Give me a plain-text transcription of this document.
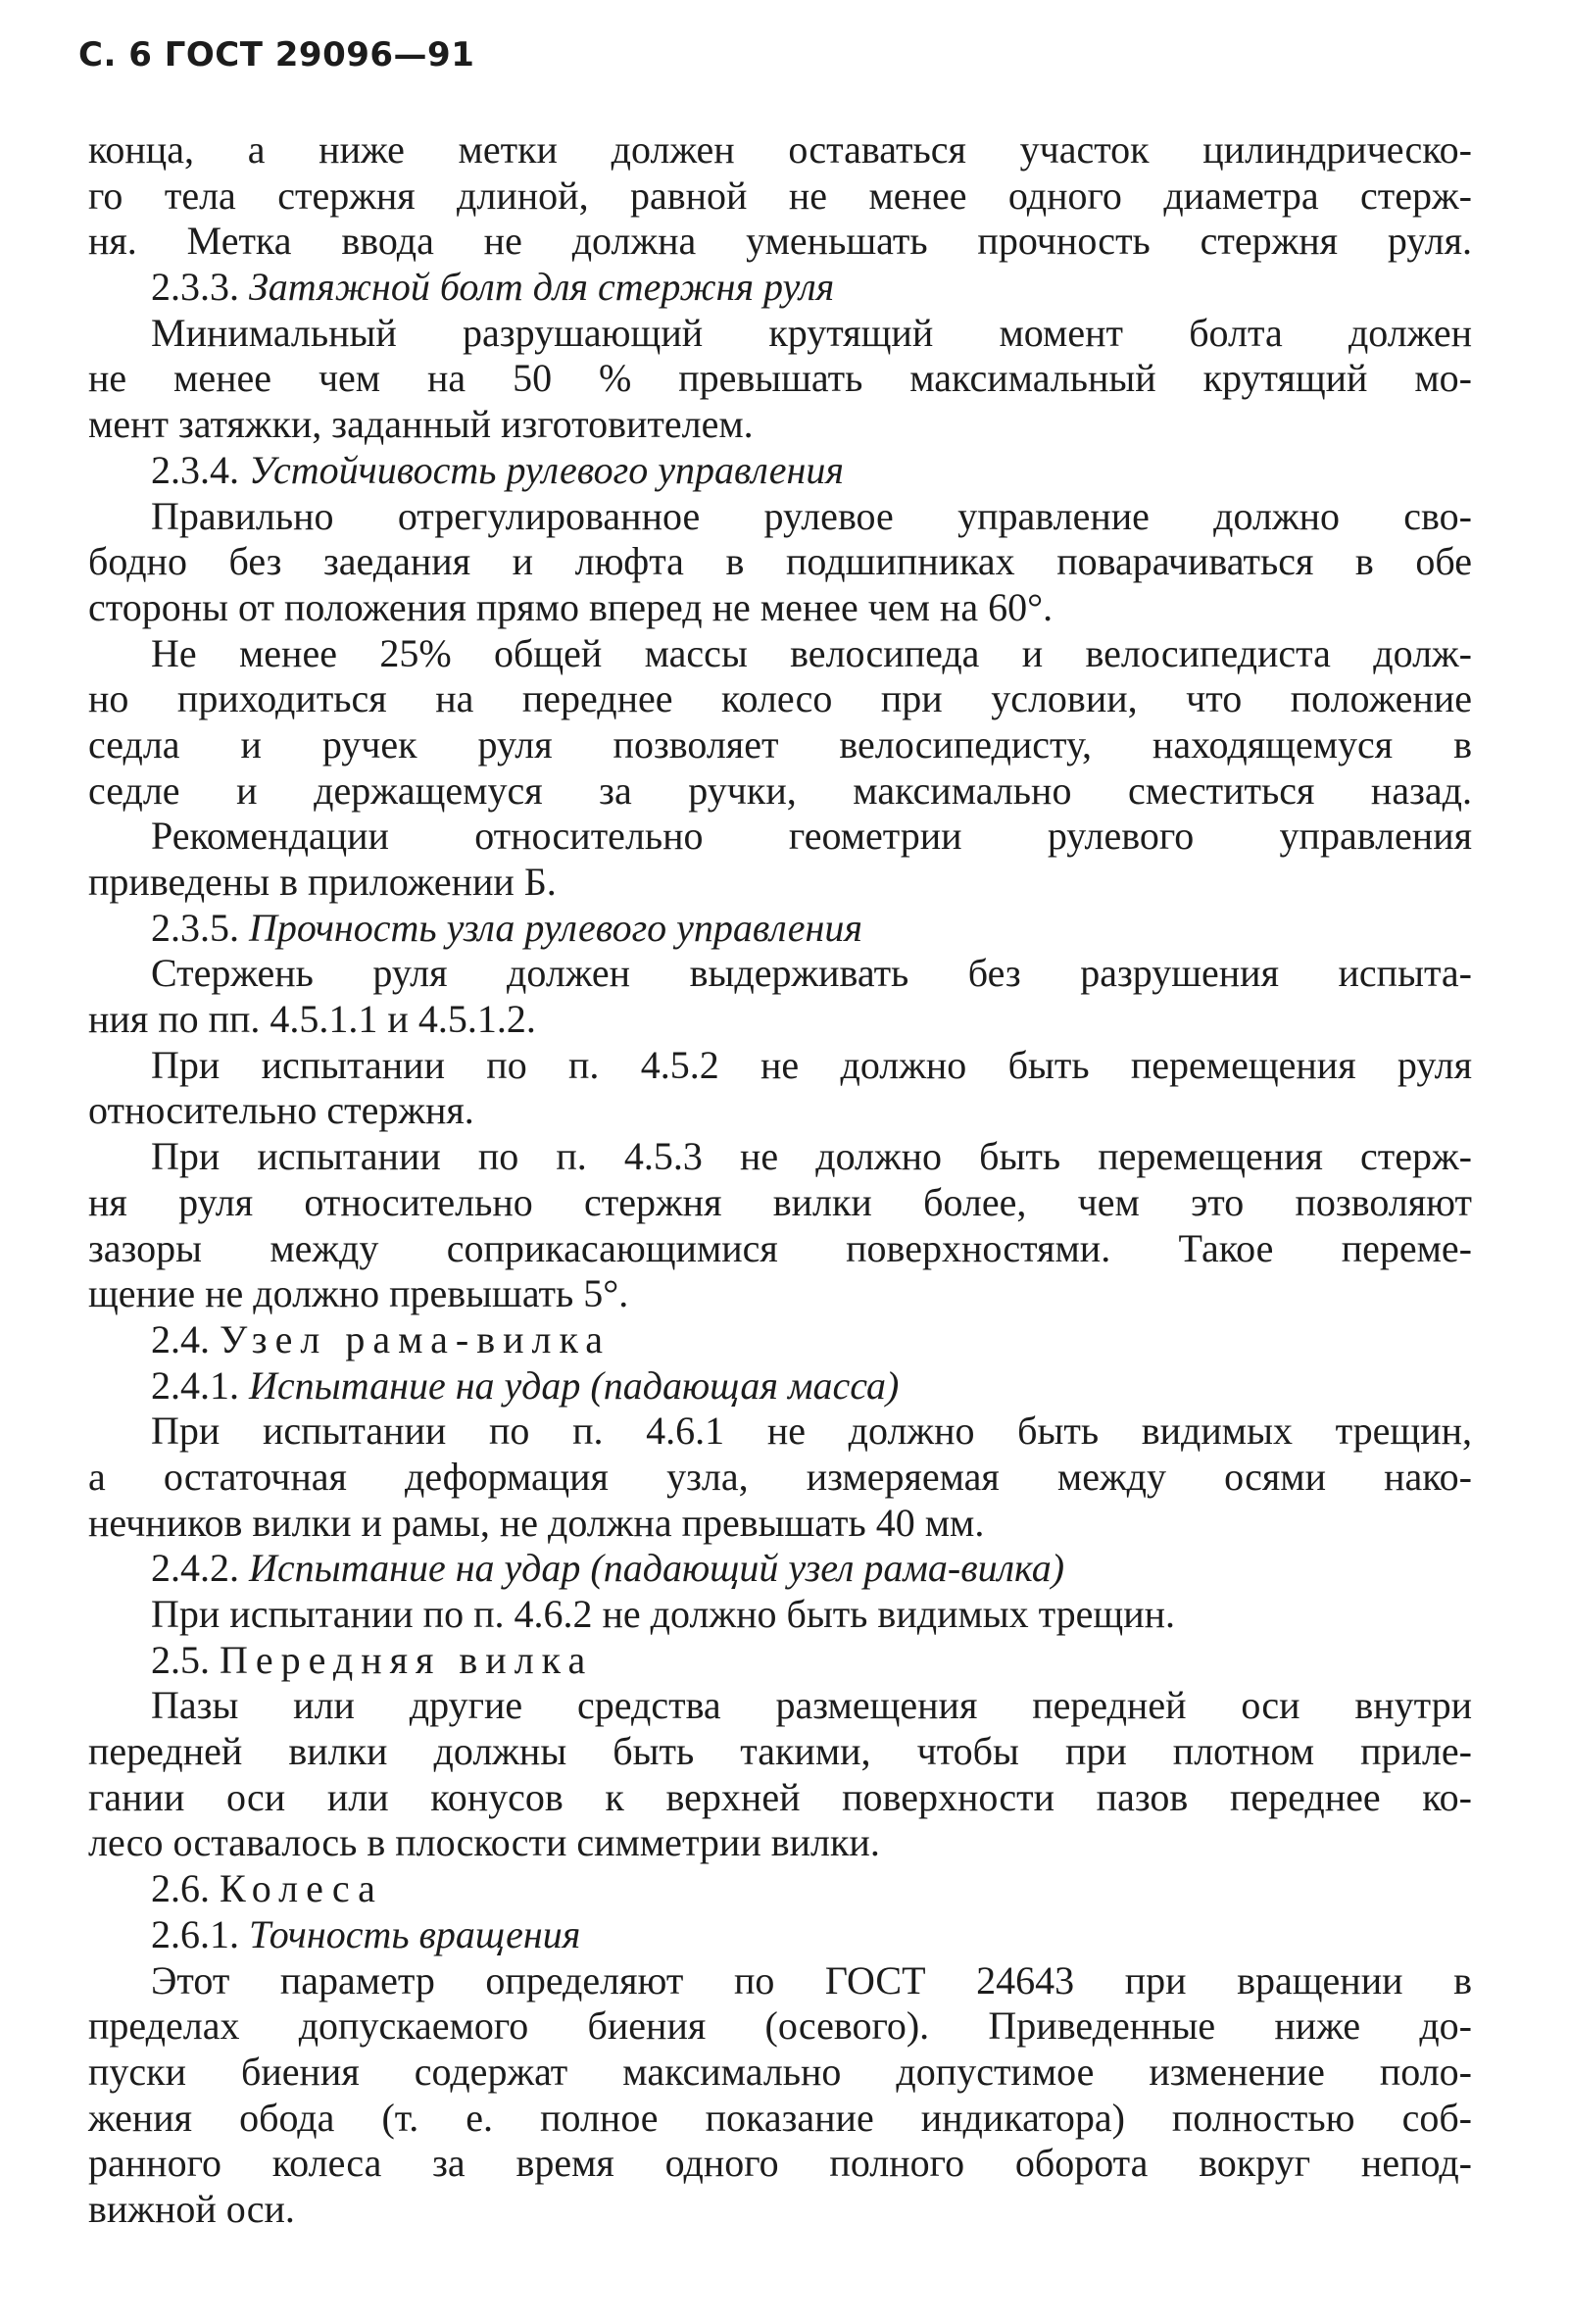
С. 6 ГОСТ 29096—91
конца, а ниже метки должен оставаться участок цилиндрическо-
го тела стержня длиной, равной не менее одного диаметра стерж-
ня. Метка ввода не должна уменьшать прочность стержня руля.
2.3.3. Затяжной болт для стержня руля
Минимальный разрушающий крутящий момент болта должен
не менее чем на 50 % превышать максимальный крутящий мо-
мент затяжки, заданный изготовителем.
2.3.4. Устойчивость рулевого управления
Правильно отрегулированное рулевое управление должно сво-
бодно без заедания и люфта в подшипниках поварачиваться в обе
стороны от положения прямо вперед не менее чем на 60°.
Не менее 25% общей массы велосипеда и велосипедиста долж-
но приходиться на переднее колесо при условии, что положение
седла и ручек руля позволяет велосипедисту, находящемуся в
седле и держащемуся за ручки, максимально сместиться назад.
Рекомендации относительно геометрии рулевого управления
приведены в приложении Б.
2.3.5. Прочность узла рулевого управления
Стержень руля должен выдерживать без разрушения испыта-
ния по пп. 4.5.1.1 и 4.5.1.2.
При испытании по п. 4.5.2 не должно быть перемещения руля
относительно стержня.
При испытании по п. 4.5.3 не должно быть перемещения стерж-
ня руля относительно стержня вилки более, чем это позволяют
зазоры между соприкасающимися поверхностями. Такое переме-
щение не должно превышать 5°.
2.4. Узел рама-вилка
2.4.1. Испытание на удар (падающая масса)
При испытании по п. 4.6.1 не должно быть видимых трещин,
а остаточная деформация узла, измеряемая между осями нако-
нечников вилки и рамы, не должна превышать 40 мм.
2.4.2. Испытание на удар (падающий узел рама-вилка)
При испытании по п. 4.6.2 не должно быть видимых трещин.
2.5. Передняя вилка
Пазы или другие средства размещения передней оси внутри
передней вилки должны быть такими, чтобы при плотном приле-
гании оси или конусов к верхней поверхности пазов переднее ко-
лесо оставалось в плоскости симметрии вилки.
2.6. Колеса
2.6.1. Точность вращения
Этот параметр определяют по ГОСТ 24643 при вращении в
пределах допускаемого биения (осевого). Приведенные ниже до-
пуски биения содержат максимально допустимое изменение поло-
жения обода (т. е. полное показание индикатора) полностью соб-
ранного колеса за время одного полного оборота вокруг непод-
вижной оси.
